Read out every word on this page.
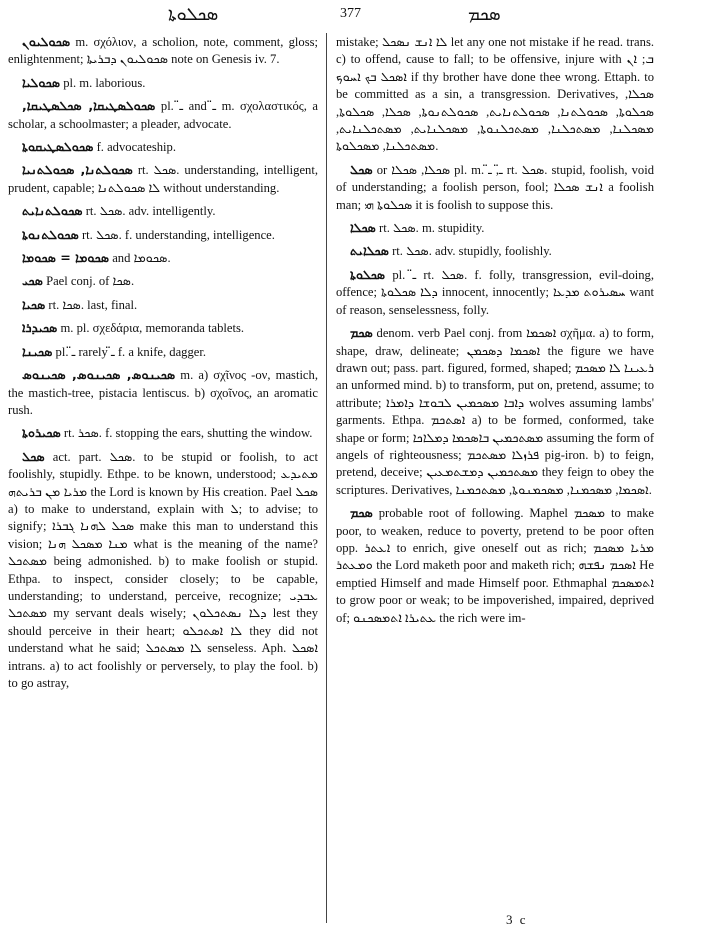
ܣܟܠܘܬܐ	377	ܣܟܡ

ܣܟܘܠܝܘܢ m. σχόλιον, a scholion, note, comment, gloss; enlightenment; ܣܟܘܠܝܘܢ ܕܒܪܝܬܐ note on Genesis iv. 7.

ܣܟܘܠܝܐ pl. m. laborious.

ܣܟܘܠܣܛܝܩܐ, ܣܟܠܣܛܝܩܐ, pl. ـ̈ and ـ̈ m. σχολαστικός, a scholar, a schoolmaster; a pleader, advocate.

ܣܟܘܠܣܛܝܩܘܬܐ f. advocateship.

ܣܟܘܠܬܢܐ, ܣܟܘܠܬܢܝܐ rt. ܣܟܠ. understanding, intelligent, prudent, capable; ܠܐ ܣܟܘܠܬܢܐ without understanding.

ܣܟܘܠܬܢܐܝܬ rt. ܣܟܠ. adv. intelligently.

ܣܟܘܠܬܢܘܬܐ rt. ܣܟܠ. f. understanding, intelligence.

ܣܟܘܡܐ = ܣܟܘܡܐ and ܣܟܘܡܐ.

ܣܟܝ Pael conj. of ܣܟܐ.

ܣܟܝܐ rt. ܣܟܐ. last, final.

ܣܟܝܕܪܐ m. pl. σχεδάρια, memoranda tablets.

ܣܟܝܢܐ pl. ـ̈ rarely ـ̈ f. a knife, dagger.

ܣܟܝܢܘܣ, ܣܟܝܢܘܣ, ܣܟܝܢܘܣ m. a) σχῖνος -ον, mastich, the mastich-tree, pistacia lentiscus. b) σχοῖνος, an aromatic rush.

ܣܟܝܪܘܬܐ rt. ܣܟܪ. f. stopping the ears, shutting the window.

ܣܟܠ act. part. ܣܟܠ. to be stupid or foolish, to act foolishly, stupidly. Ethpe. to be known, understood; ܡܬܝܕܥ ܡܪܝܐ ܡܢ ܒܪܝܬܗ the Lord is known by His creation. Pael ܣܟܠ a) to make to understand, explain with ܠ; to advise; to signify; ܣܟܠ ܠܗܢܐ ܓܒܪܐ make this man to understand this vision; ܡܢܐ ܡܣܟܠ ܗܢܐ what is the meaning of the name? ܡܣܬܟܠ being admonished. b) to make foolish or stupid. Ethpa. to inspect, consider closely; to be capable, understanding; to understand, perceive, recognize; ܥܒܕܝ ܡܣܬܟܠ my servant deals wisely; ܕܠܐ ܢܣܬܟܠܘܢ lest they should perceive in their heart; ܠܐ ܐܣܬܟܠܘ they did not understand what he said; ܠܐ ܡܣܬܟܠ senseless. Aph. ܐܣܟܠ intrans. a) to act foolishly or perversely, to play the fool. b) to go astray,

mistake; ܠܐ ܐܢܫ ܢܣܟܠ let any one not mistake if he read. trans. c) to offend, cause to fall; to be offensive, injure with ܒ; ܐܢ ܐܣܟܠ ܒܟ ܐܚܘܟ if thy brother have done thee wrong. Ettaph. to be committed as a sin, a transgression. Derivatives, ܣܟܠܐ, ܣܟܠܘܬܐ, ܣܟܘܠܬܢܐ, ܣܟܘܠܬܢܐܝܬ, ܣܟܘܠܬܢܘܬܐ, ܣܟܠܐ, ܣܟܠܘܬܐ, ܡܣܟܠܢܐ, ܡܣܬܟܠܢܐ, ܡܣܬܟܠܢܘܬܐ, ܡܣܟܠܢܐܝܬ, ܡܣܬܟܠܢܐܝܬ, ܡܣܬܟܠܢܐ, ܡܣܟܠܘܬܐ.

ܣܟܠ or ܣܟܠܐ, ܣܟܠܐ pl. m. ـ̈, ـ̈ rt. ܣܟܠ. stupid, foolish, void of understanding; a foolish person, fool; ܐܢܫ ܣܟܠܐ a foolish man; ܣܟܠܘܬܐ ܗܝ it is foolish to suppose this.

ܣܟܠܐ rt. ܣܟܠ. m. stupidity.

ܣܟܠܐܝܬ rt. ܣܟܠ. adv. stupidly, foolishly.

ܣܟܠܘܬܐ pl. ـ̈ rt. ܣܟܠ. f. folly, transgression, evil-doing, offence; ܕܠܐ ܣܟܠܘܬܐ innocent, innocently; ܚܣܝܪܘܬ ܡܕܥܐ want of reason, senselessness, folly.

ܣܟܡ denom. verb Pael conj. from ܐܣܟܡܐ σχῆμα. a) to form, shape, draw, delineate; ܐܣܟܡܐ ܕܣܟܡܢ the figure we have drawn out; pass. part. figured, formed, shaped; ܪܥܝܢܐ ܠܐ ܡܣܟܡ an unformed mind. b) to transform, put on, pretend, assume; to attribute; ܕܐܒܐ ܡܣܟܡܝܢ ܠܒܘܫܐ ܕܐܡܪܐ wolves assuming lambs' garments. Ethpa. ܐܣܬܟܡ a) to be formed, conformed, take shape or form; ܡܣܬܟܡܝܢ ܒܐܣܟܡܐ ܕܡܠܐܟܐ assuming the form of angels of righteousness; ܦܪܙܠܐ ܡܣܬܟܡ pig-iron. b) to feign, pretend, deceive; ܡܣܬܟܡܝܢ ܕܡܫܬܡܥܝܢ they feign to obey the scriptures. Derivatives, ܐܣܟܡܐ, ܡܣܟܡܢܐ, ܡܣܟܡܢܘܬܐ, ܡܣܬܟܡܢܐ.

ܣܟܡ probable root of following. Maphel ܡܣܟܡ to make poor, to weaken, reduce to poverty, pretend to be poor often opp. ܐܥܬܪ to enrich, give oneself out as rich; ܡܪܝܐ ܡܣܟܡ ܘܡܥܬܪ the Lord maketh poor and maketh rich; ܐܣܟܡ ܢܦܫܗ He emptied Himself and made Himself poor. Ethmaphal ܐܬܡܣܟܡ to grow poor or weak; to be impoverished, impaired, deprived of; ܥܬܝܪܐ ܐܬܡܣܟܢܘ the rich were im-

3 c
